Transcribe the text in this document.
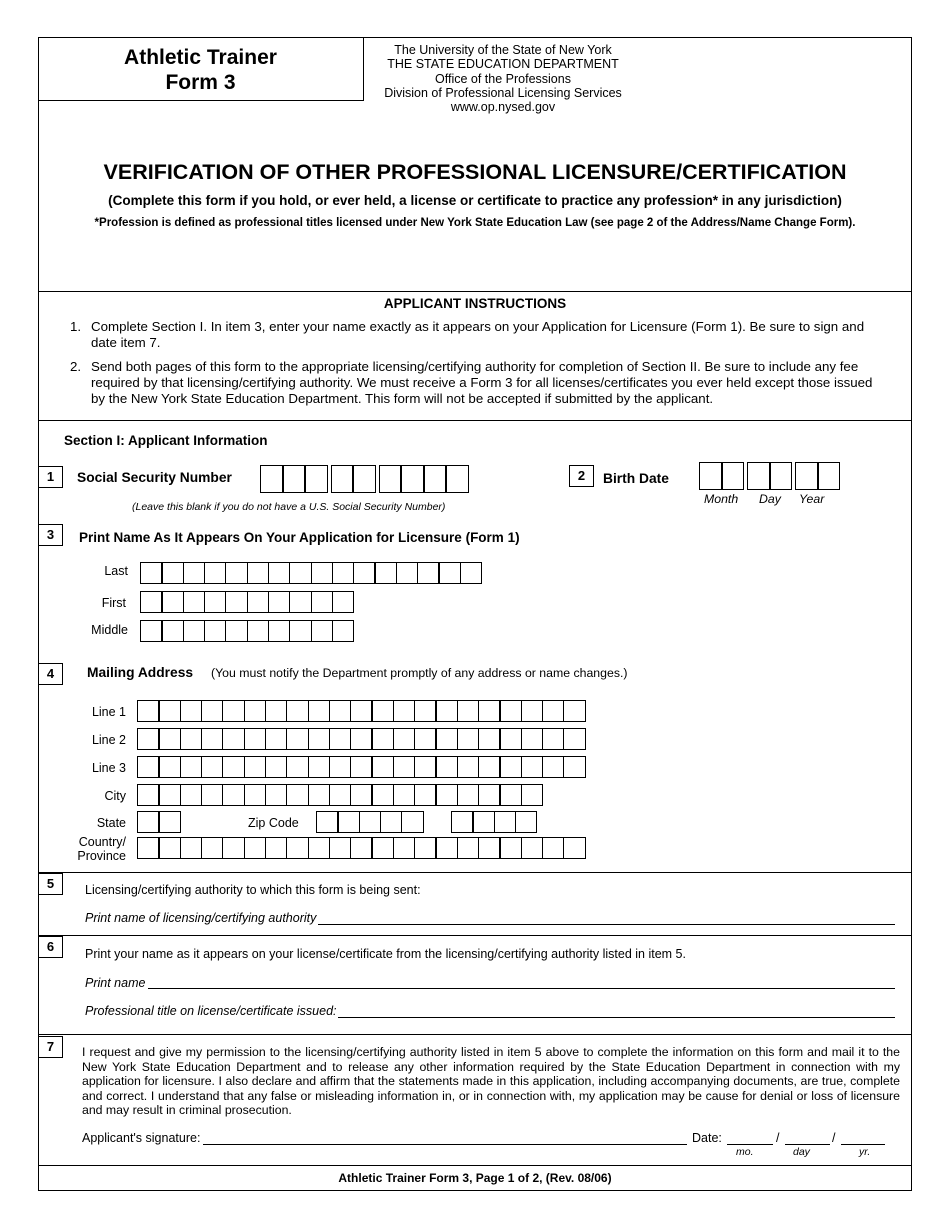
Athletic Trainer
Form 3
The University of the State of New York
THE STATE EDUCATION DEPARTMENT
Office of the Professions
Division of Professional Licensing Services
www.op.nysed.gov
VERIFICATION OF OTHER PROFESSIONAL LICENSURE/CERTIFICATION
(Complete this form if you hold, or ever held, a license or certificate to practice any profession* in any jurisdiction)
*Profession is defined as professional titles licensed under New York State Education Law (see page 2 of the Address/Name Change Form).
APPLICANT INSTRUCTIONS
1. Complete Section I. In item 3, enter your name exactly as it appears on your Application for Licensure (Form 1). Be sure to sign and date item 7.
2. Send both pages of this form to the appropriate licensing/certifying authority for completion of Section II. Be sure to include any fee required by that licensing/certifying authority. We must receive a Form 3 for all licenses/certificates you ever held except those issued by the New York State Education Department. This form will not be accepted if submitted by the applicant.
Section I: Applicant Information
1	Social Security Number
(Leave this blank if you do not have a U.S. Social Security Number)
2	Birth Date
Month Day Year
3	Print Name As It Appears On Your Application for Licensure (Form 1)
Last
First
Middle
4	Mailing Address (You must notify the Department promptly of any address or name changes.)
Line 1
Line 2
Line 3
City
State	Zip Code
Country/
Province
5	Licensing/certifying authority to which this form is being sent:
Print name of licensing/certifying authority
6	Print your name as it appears on your license/certificate from the licensing/certifying authority listed in item 5.
Print name
Professional title on license/certificate issued:
7	I request and give my permission to the licensing/certifying authority listed in item 5 above to complete the information on this form and mail it to the New York State Education Department and to release any other information required by the State Education Department in connection with my application for licensure. I also declare and affirm that the statements made in this application, including accompanying documents, are true, complete and correct. I understand that any false or misleading information in, or in connection with, my application may be cause for denial or loss of licensure and may result in criminal prosecution.
Applicant's signature:	Date:	/	/
mo.	day	yr.
Athletic Trainer Form 3, Page 1 of 2, (Rev. 08/06)
